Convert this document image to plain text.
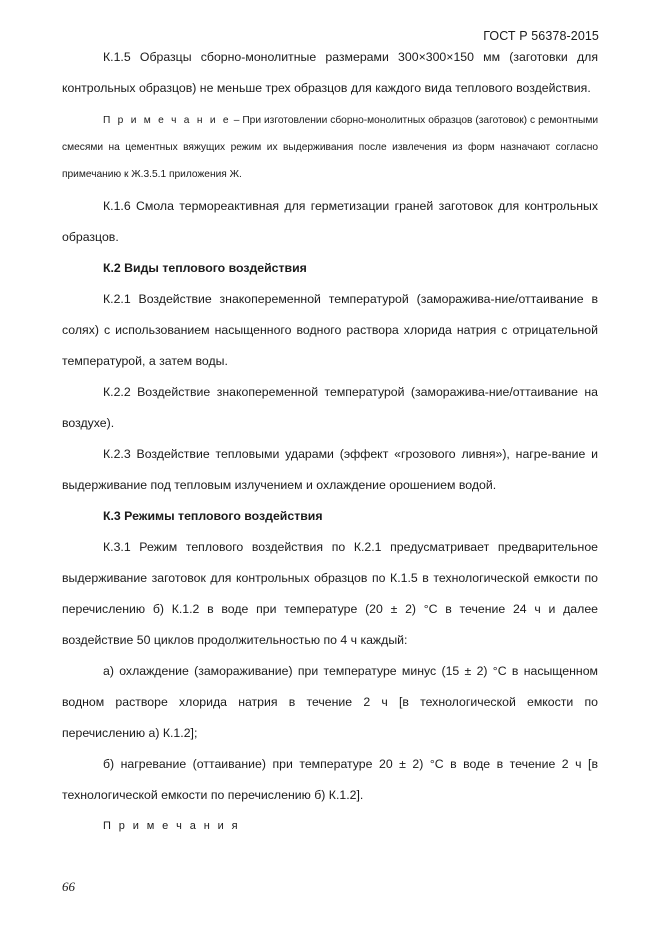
ГОСТ Р 56378-2015

К.1.5 Образцы сборно-монолитные размерами 300×300×150 мм (заготовки для контрольных образцов) не меньше трех образцов для каждого вида теплового воздействия.

П р и м е ч а н и е – При изготовлении сборно-монолитных образцов (заготовок) с ремонтными смесями на цементных вяжущих режим их выдерживания после извлечения из форм назначают согласно примечанию к Ж.3.5.1 приложения Ж.

К.1.6 Смола термореактивная для герметизации граней заготовок для контрольных образцов.

К.2 Виды теплового воздействия

К.2.1 Воздействие знакопеременной температурой (заморажива-ние/оттаивание в солях) с использованием насыщенного водного раствора хлорида натрия с отрицательной температурой, а затем воды.

К.2.2 Воздействие знакопеременной температурой (заморажива-ние/оттаивание на воздухе).

К.2.3 Воздействие тепловыми ударами (эффект «грозового ливня»), нагре-вание и выдерживание под тепловым излучением и охлаждение орошением водой.

К.3 Режимы теплового воздействия

К.3.1 Режим теплового воздействия по К.2.1 предусматривает предварительное выдерживание заготовок для контрольных образцов по К.1.5 в технологической емкости по перечислению б) К.1.2 в воде при температуре (20 ± 2) °С в течение 24 ч и далее воздействие 50 циклов продолжительностью по 4 ч каждый:

а) охлаждение (замораживание) при температуре минус (15 ± 2) °С в насыщенном водном растворе хлорида натрия в течение 2 ч [в технологической емкости по перечислению а) К.1.2];

б) нагревание (оттаивание) при температуре 20 ± 2) °С в воде в течение 2 ч [в технологической емкости по перечислению б) К.1.2].

П р и м е ч а н и я

66
